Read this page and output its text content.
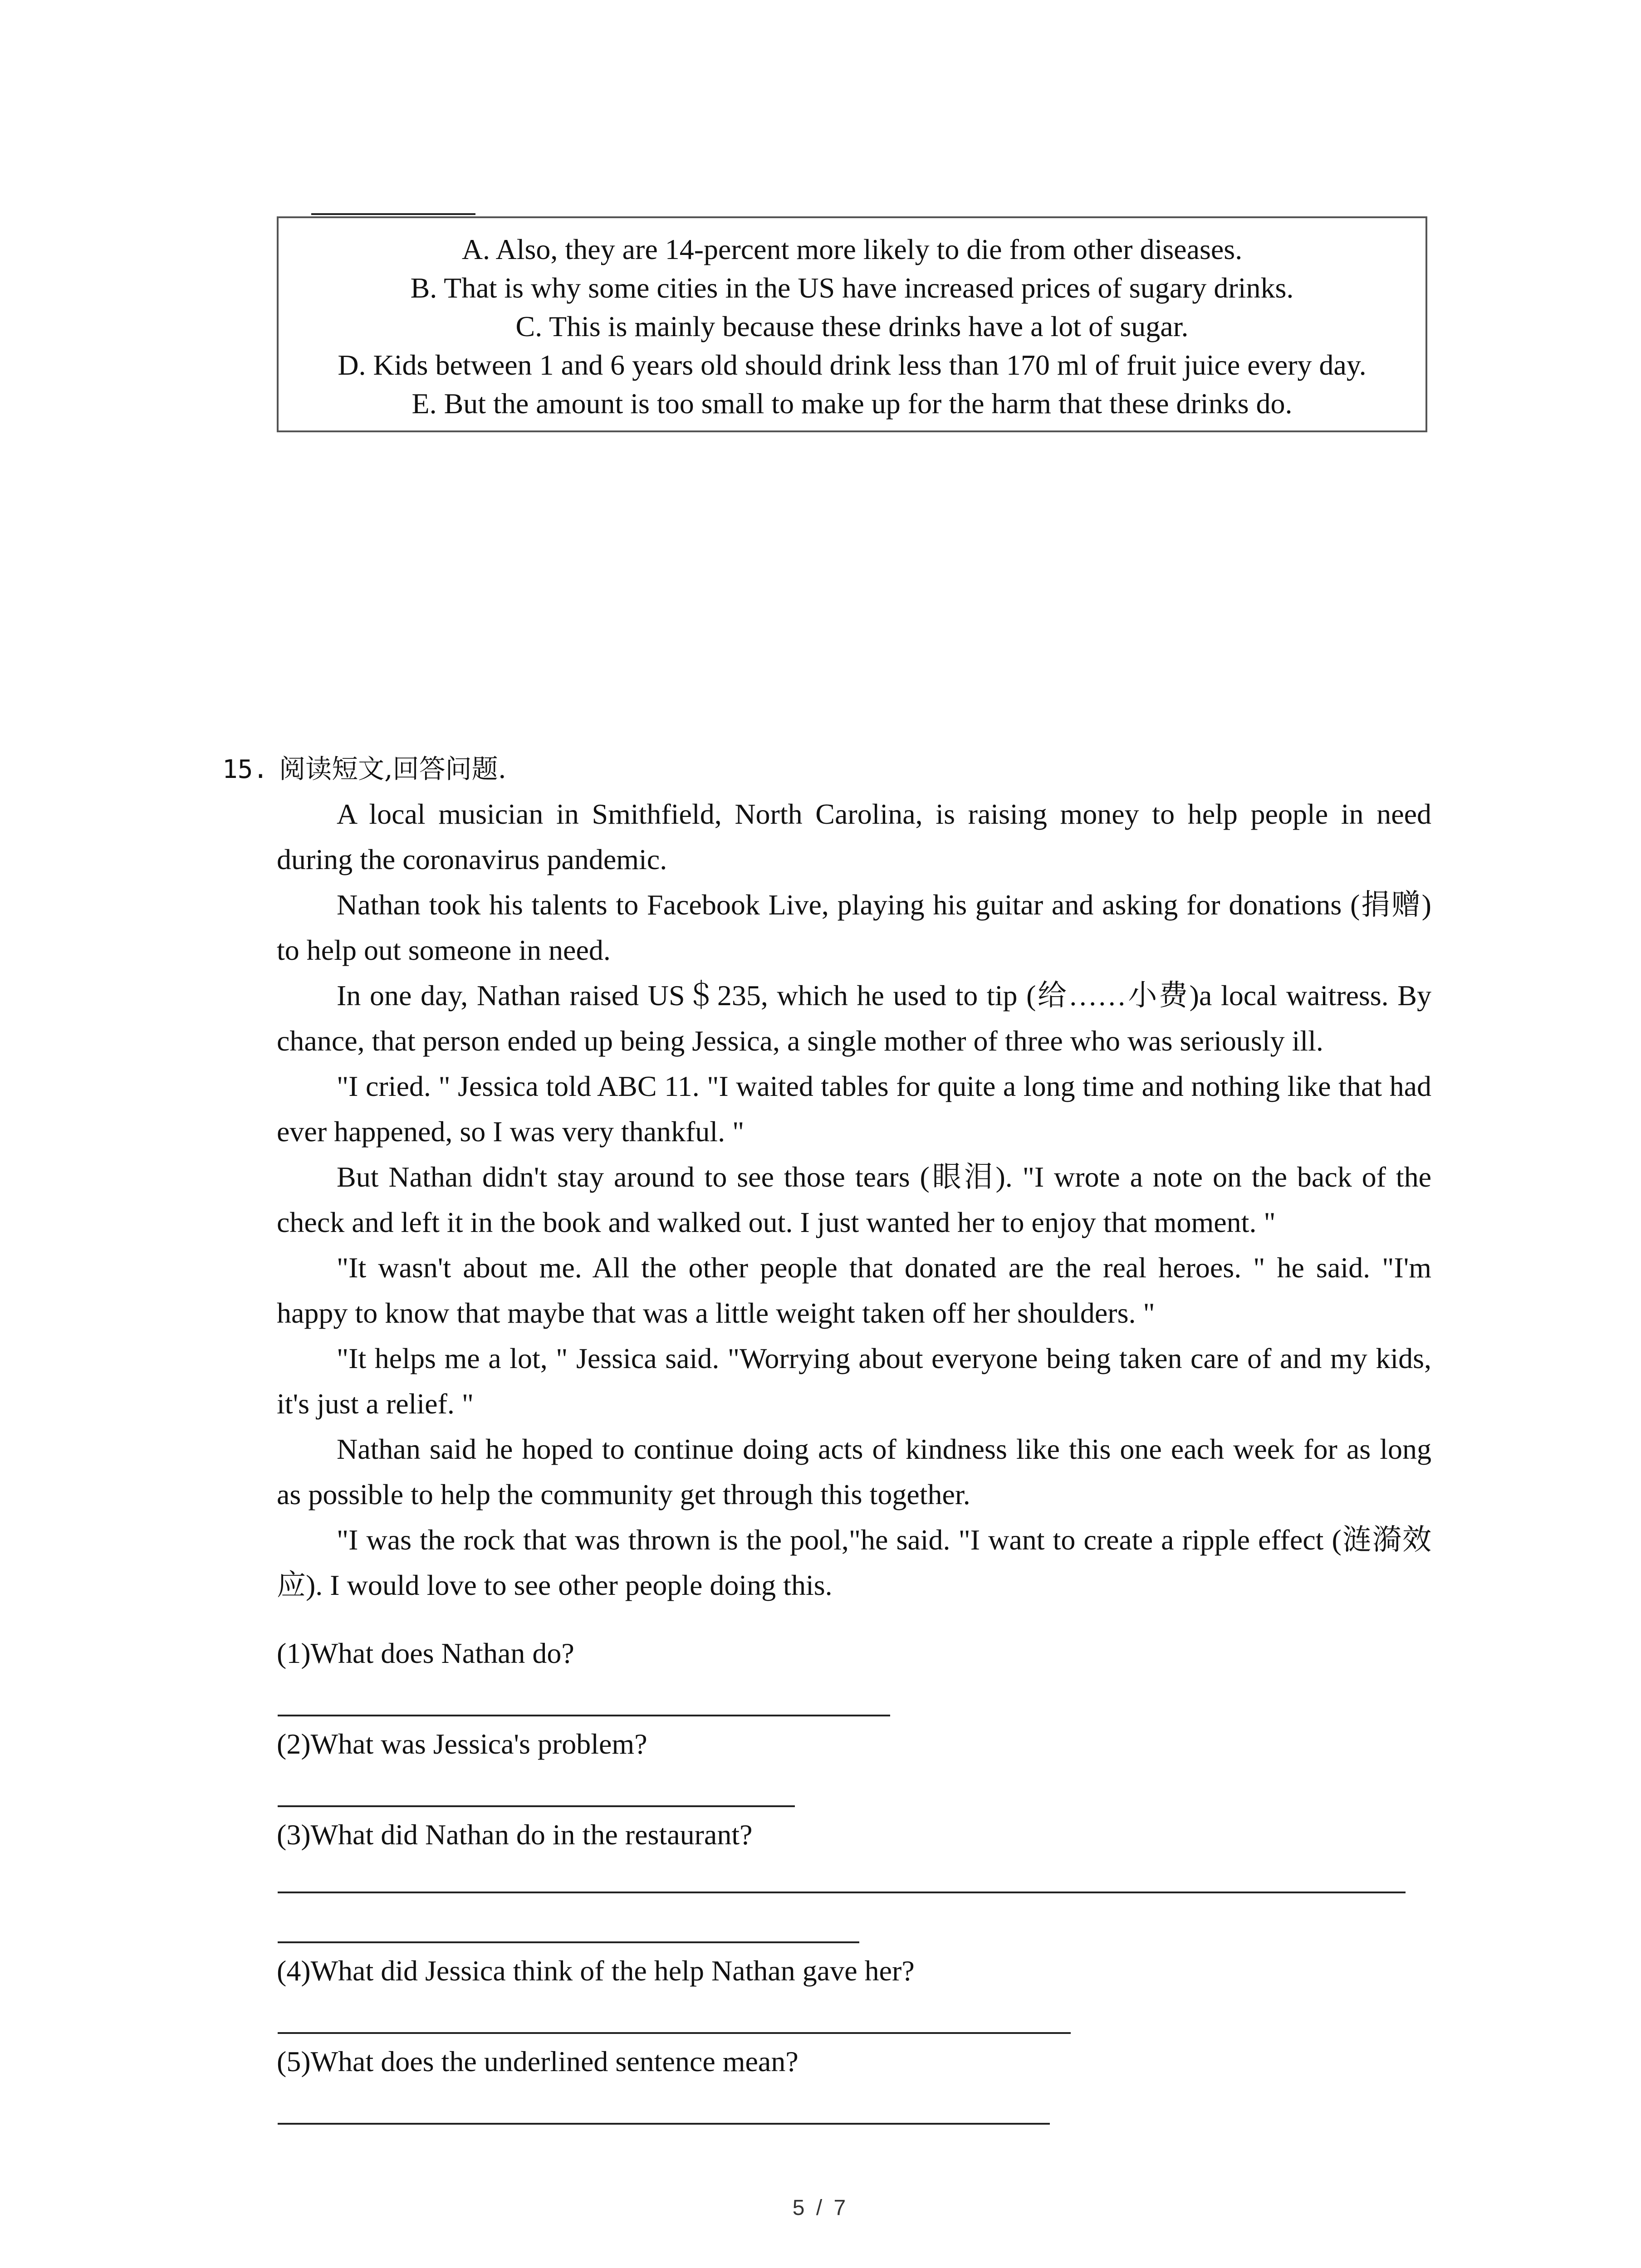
A. Also, they are 14-percent more likely to die from other diseases.
B. That is why some cities in the US have increased prices of sugary drinks.
C. This is mainly because these drinks have a lot of sugar.
D. Kids between 1 and 6 years old should drink less than 170 ml of fruit juice every day.
E. But the amount is too small to make up for the harm that these drinks do.
15. 阅读短文,回答问题.

A local musician in Smithfield, North Carolina, is raising money to help people in need during the coronavirus pandemic.

Nathan took his talents to Facebook Live, playing his guitar and asking for donations (捐赠) to help out someone in need.

In one day, Nathan raised US＄235, which he used to tip (给……小费)a local waitress. By chance, that person ended up being Jessica, a single mother of three who was seriously ill.

"I cried. " Jessica told ABC 11. "I waited tables for quite a long time and nothing like that had ever happened, so I was very thankful. "

But Nathan didn't stay around to see those tears (眼泪). "I wrote a note on the back of the check and left it in the book and walked out. I just wanted her to enjoy that moment. "

"It wasn't about me. All the other people that donated are the real heroes. " he said. "I'm happy to know that maybe that was a little weight taken off her shoulders. "

"It helps me a lot, " Jessica said. "Worrying about everyone being taken care of and my kids, it's just a relief. "

Nathan said he hoped to continue doing acts of kindness like this one each week for as long as possible to help the community get through this together.

"I was the rock that was thrown is the pool,"he said. "I want to create a ripple effect (涟漪效应). I would love to see other people doing this.

(1)What does Nathan do?
(2)What was Jessica's problem?
(3)What did Nathan do in the restaurant?
(4)What did Jessica think of the help Nathan gave her?
(5)What does the underlined sentence mean?
5 / 7
